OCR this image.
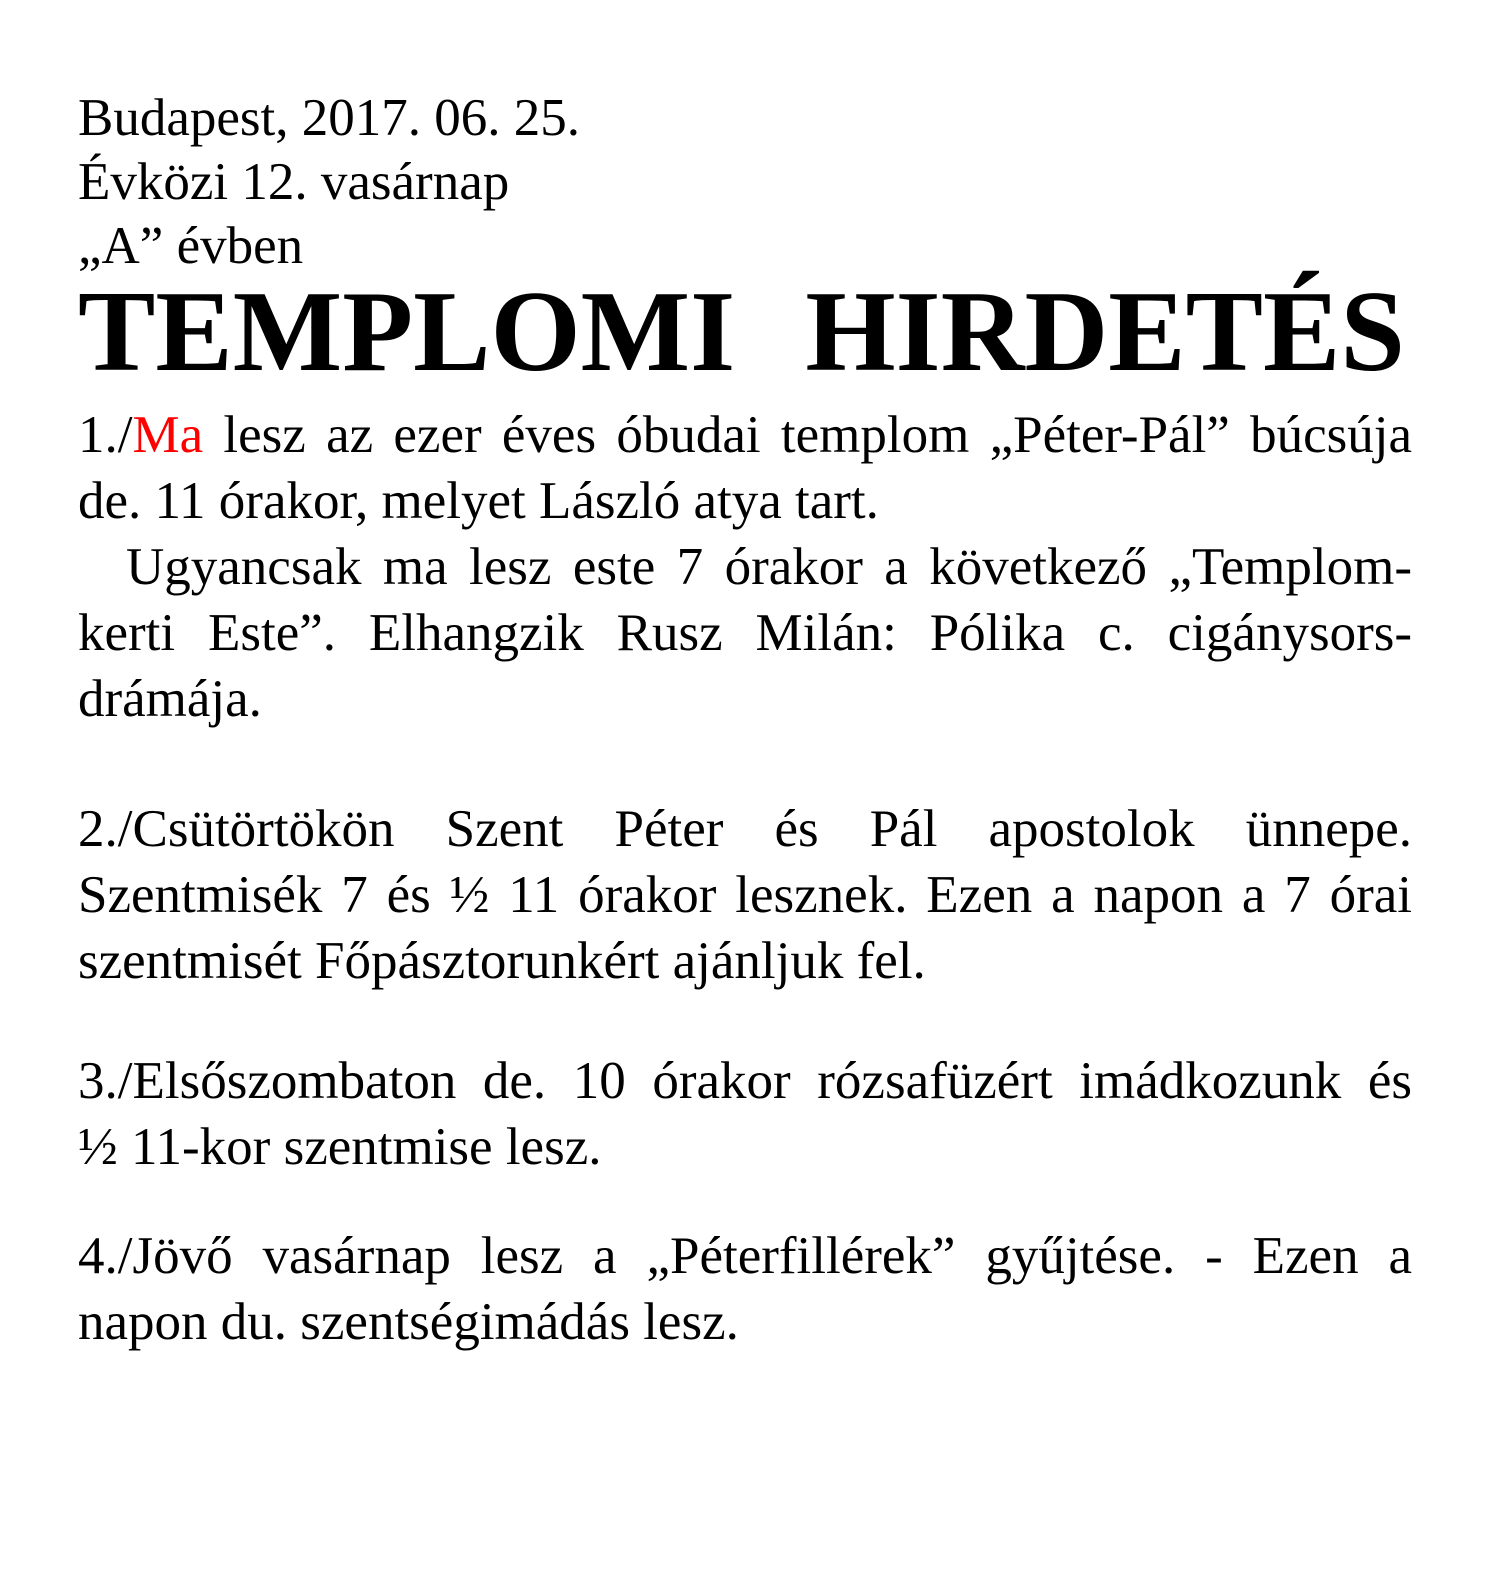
Budapest, 2017. 06. 25.
Évközi 12. vasárnap
„A” évben
TEMPLOMI HIRDETÉS
1./Ma lesz az ezer éves óbudai templom „Péter-Pál” búcsúja
de. 11 órakor, melyet László atya tart.
Ugyancsak ma lesz este 7 órakor a következő „Templom-
kerti Este”. Elhangzik Rusz Milán: Pólika c. cigánysors-
drámája.
2./Csütörtökön Szent Péter és Pál apostolok ünnepe.
Szentmisék 7 és ½ 11 órakor lesznek. Ezen a napon a 7 órai
szentmisét Főpásztorunkért ajánljuk fel.
3./Elsőszombaton de. 10 órakor rózsafüzért imádkozunk és
½ 11-kor szentmise lesz.
4./Jövő vasárnap lesz a „Péterfillérek” gyűjtése. - Ezen a
napon du. szentségimádás lesz.
